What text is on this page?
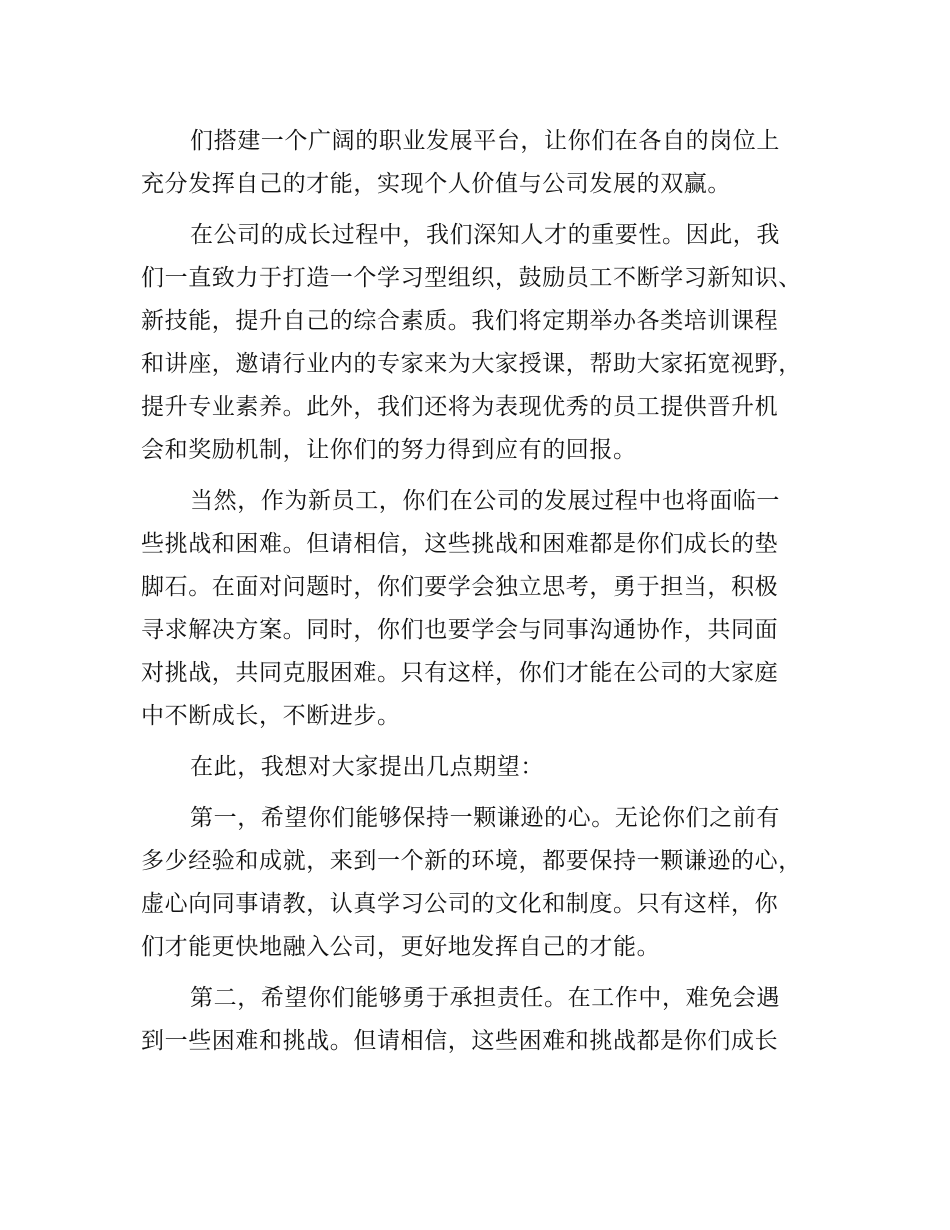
们搭建一个广阔的职业发展平台，让你们在各自的岗位上
充分发挥自己的才能，实现个人价值与公司发展的双赢。
在公司的成长过程中，我们深知人才的重要性。因此，我
们一直致力于打造一个学习型组织，鼓励员工不断学习新知识、
新技能，提升自己的综合素质。我们将定期举办各类培训课程
和讲座，邀请行业内的专家来为大家授课，帮助大家拓宽视野，
提升专业素养。此外，我们还将为表现优秀的员工提供晋升机
会和奖励机制，让你们的努力得到应有的回报。
当然，作为新员工，你们在公司的发展过程中也将面临一
些挑战和困难。但请相信，这些挑战和困难都是你们成长的垫
脚石。在面对问题时，你们要学会独立思考，勇于担当，积极
寻求解决方案。同时，你们也要学会与同事沟通协作，共同面
对挑战，共同克服困难。只有这样，你们才能在公司的大家庭
中不断成长，不断进步。
在此，我想对大家提出几点期望：
第一，希望你们能够保持一颗谦逊的心。无论你们之前有
多少经验和成就，来到一个新的环境，都要保持一颗谦逊的心，
虚心向同事请教，认真学习公司的文化和制度。只有这样，你
们才能更快地融入公司，更好地发挥自己的才能。
第二，希望你们能够勇于承担责任。在工作中，难免会遇
到一些困难和挑战。但请相信，这些困难和挑战都是你们成长
